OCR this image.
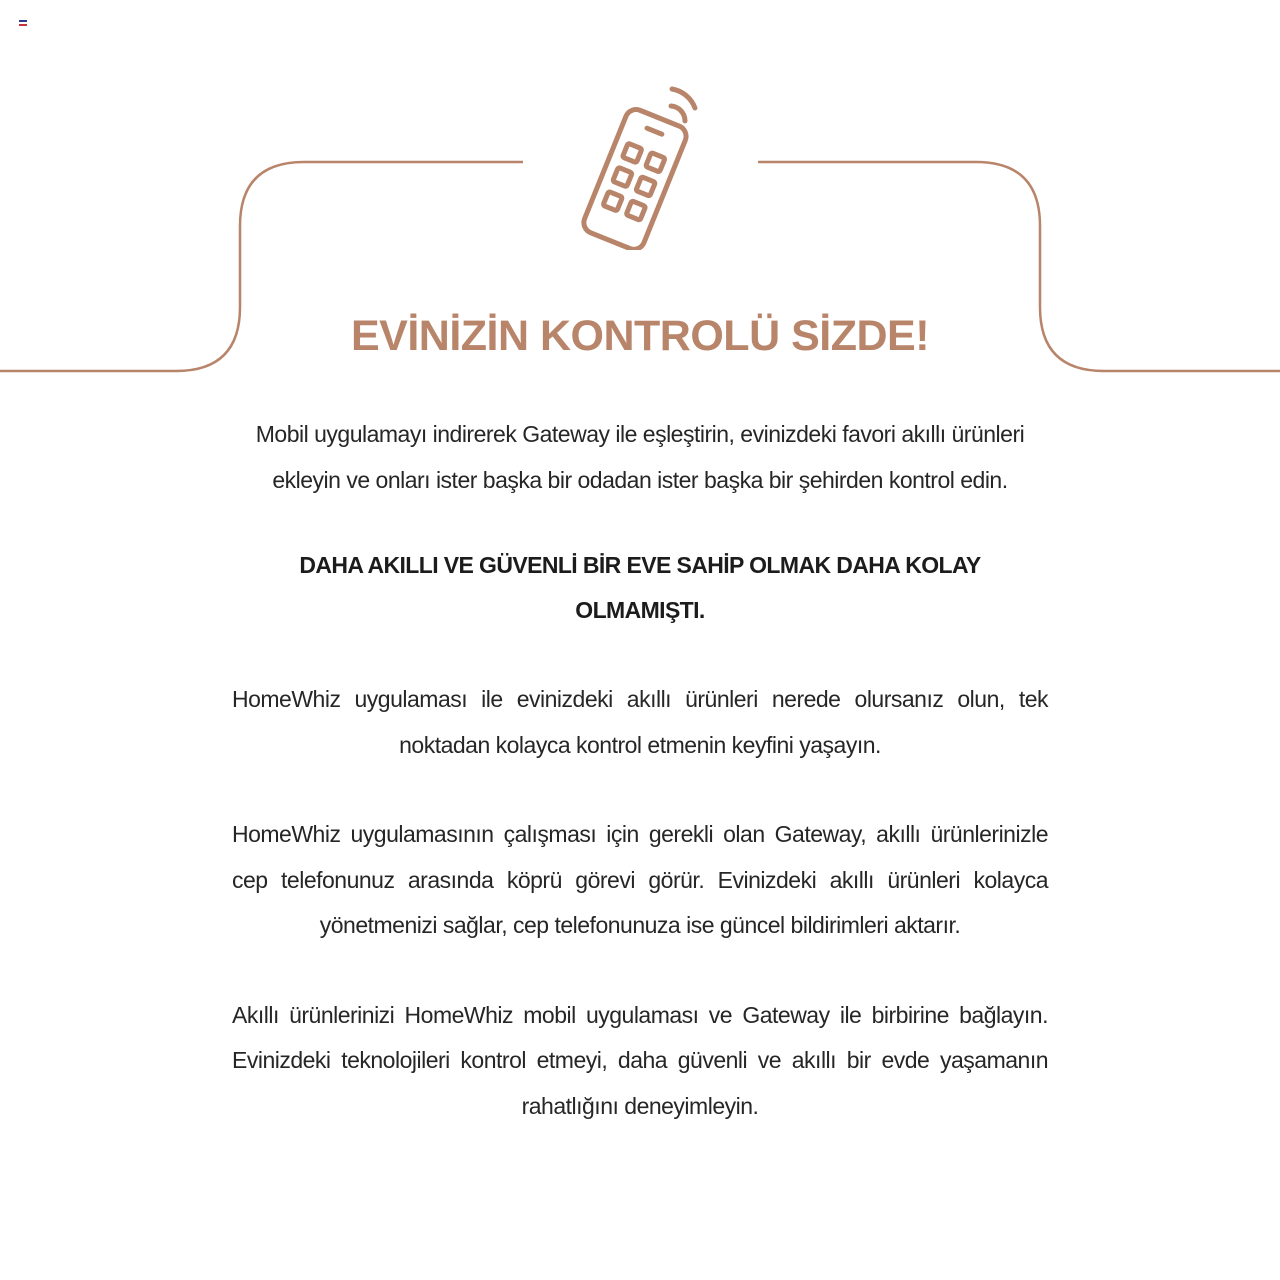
EVİNİZİN KONTROLÜ SİZDE!

Mobil uygulamayı indirerek Gateway ile eşleştirin, evinizdeki favori akıllı ürünleri ekleyin ve onları ister başka bir odadan ister başka bir şehirden kontrol edin.

DAHA AKILLI VE GÜVENLİ BİR EVE SAHİP OLMAK DAHA KOLAY OLMAMIŞTI.

HomeWhiz uygulaması ile evinizdeki akıllı ürünleri nerede olursanız olun, tek noktadan kolayca kontrol etmenin keyfini yaşayın.

HomeWhiz uygulamasının çalışması için gerekli olan Gateway, akıllı ürünlerinizle cep telefonunuz arasında köprü görevi görür. Evinizdeki akıllı ürünleri kolayca yönetmenizi sağlar, cep telefonunuza ise güncel bildirimleri aktarır.

Akıllı ürünlerinizi HomeWhiz mobil uygulaması ve Gateway ile birbirine bağlayın. Evinizdeki teknolojileri kontrol etmeyi, daha güvenli ve akıllı bir evde yaşamanın rahatlığını deneyimleyin.
